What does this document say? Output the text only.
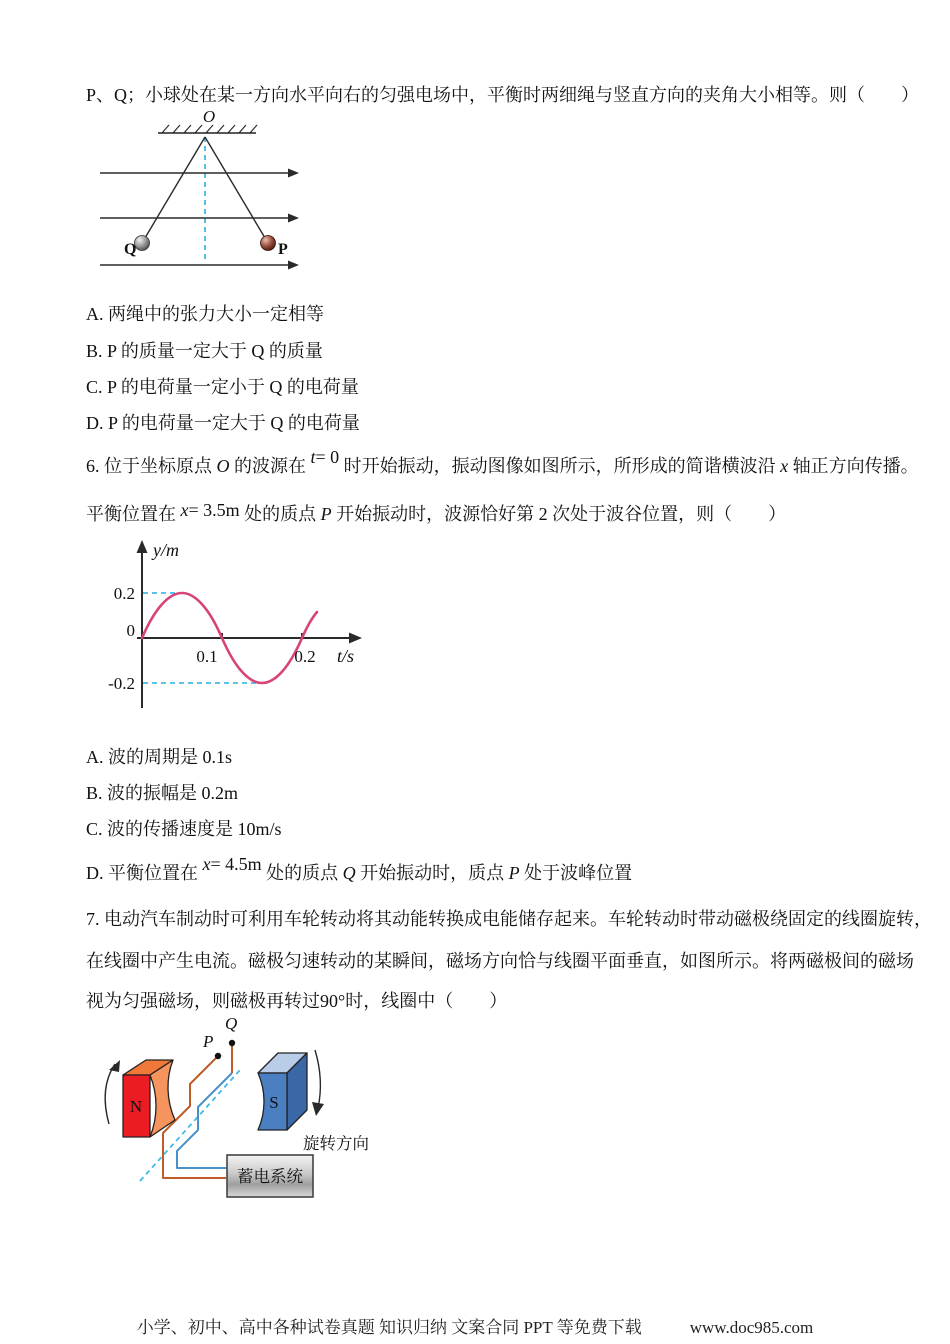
P、Q；小球处在某一方向水平向右的匀强电场中，平衡时两细绳与竖直方向的夹角大小相等。则（　　）
O
Q	P
A. 两绳中的张力大小一定相等
B. P 的质量一定大于 Q 的质量
C. P 的电荷量一定小于 Q 的电荷量
D. P 的电荷量一定大于 Q 的电荷量
6. 位于坐标原点 O 的波源在 t= 0 时开始振动，振动图像如图所示，所形成的简谐横波沿 x 轴正方向传播。
平衡位置在 x= 3.5m 处的质点 P 开始振动时，波源恰好第 2 次处于波谷位置，则（　　）
y/m
t/s
0.2
0
-0.2
0.1	0.2
A. 波的周期是 0.1s
B. 波的振幅是 0.2m
C. 波的传播速度是 10m/s
D. 平衡位置在 x= 4.5m 处的质点 Q 开始振动时，质点 P 处于波峰位置
7. 电动汽车制动时可利用车轮转动将其动能转换成电能储存起来。车轮转动时带动磁极绕固定的线圈旋转，
在线圈中产生电流。磁极匀速转动的某瞬间，磁场方向恰与线圈平面垂直，如图所示。将两磁极间的磁场
视为匀强磁场，则磁极再转过90°时，线圈中（　　）
N	S
旋转方向
Q
P
蓄电系统
小学、初中、高中各种试卷真题 知识归纳 文案合同 PPT 等免费下载	www.doc985.com
